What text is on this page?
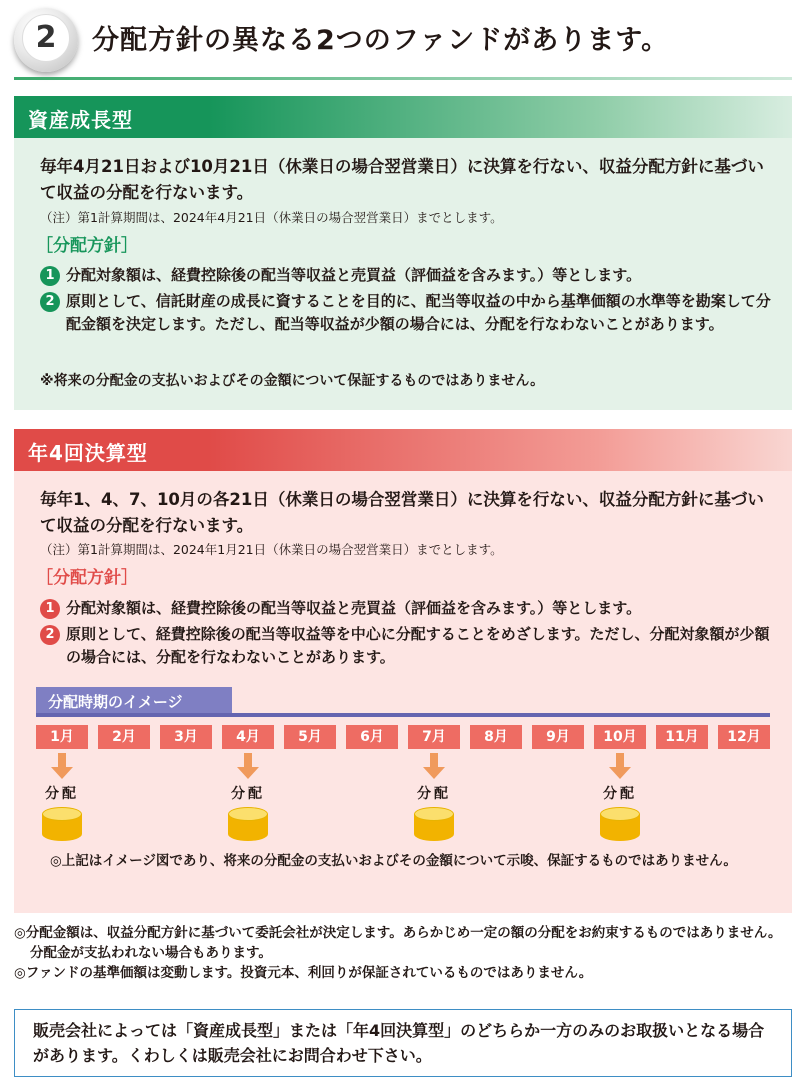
2	分配方針の異なる2つのファンドがあります。
資産成長型
毎年4月21日および10月21日（休業日の場合翌営業日）に決算を行ない、収益分配方針に基づいて収益の分配を行ないます。
（注）第1計算期間は、2024年4月21日（休業日の場合翌営業日）までとします。
［分配方針］
1 分配対象額は、経費控除後の配当等収益と売買益（評価益を含みます。）等とします。
2 原則として、信託財産の成長に資することを目的に、配当等収益の中から基準価額の水準等を勘案して分配金額を決定します。ただし、配当等収益が少額の場合には、分配を行なわないことがあります。
※将来の分配金の支払いおよびその金額について保証するものではありません。
年4回決算型
毎年1、4、7、10月の各21日（休業日の場合翌営業日）に決算を行ない、収益分配方針に基づいて収益の分配を行ないます。
（注）第1計算期間は、2024年1月21日（休業日の場合翌営業日）までとします。
［分配方針］
1 分配対象額は、経費控除後の配当等収益と売買益（評価益を含みます。）等とします。
2 原則として、経費控除後の配当等収益等を中心に分配することをめざします。ただし、分配対象額が少額の場合には、分配を行なわないことがあります。
分配時期のイメージ
1月	2月	3月	4月	5月	6月	7月	8月	9月	10月	11月	12月
分配	分配	分配	分配
◎上記はイメージ図であり、将来の分配金の支払いおよびその金額について示唆、保証するものではありません。
◎分配金額は、収益分配方針に基づいて委託会社が決定します。あらかじめ一定の額の分配をお約束するものではありません。分配金が支払われない場合もあります。
◎ファンドの基準価額は変動します。投資元本、利回りが保証されているものではありません。
販売会社によっては「資産成長型」または「年4回決算型」のどちらか一方のみのお取扱いとなる場合があります。くわしくは販売会社にお問合わせ下さい。
